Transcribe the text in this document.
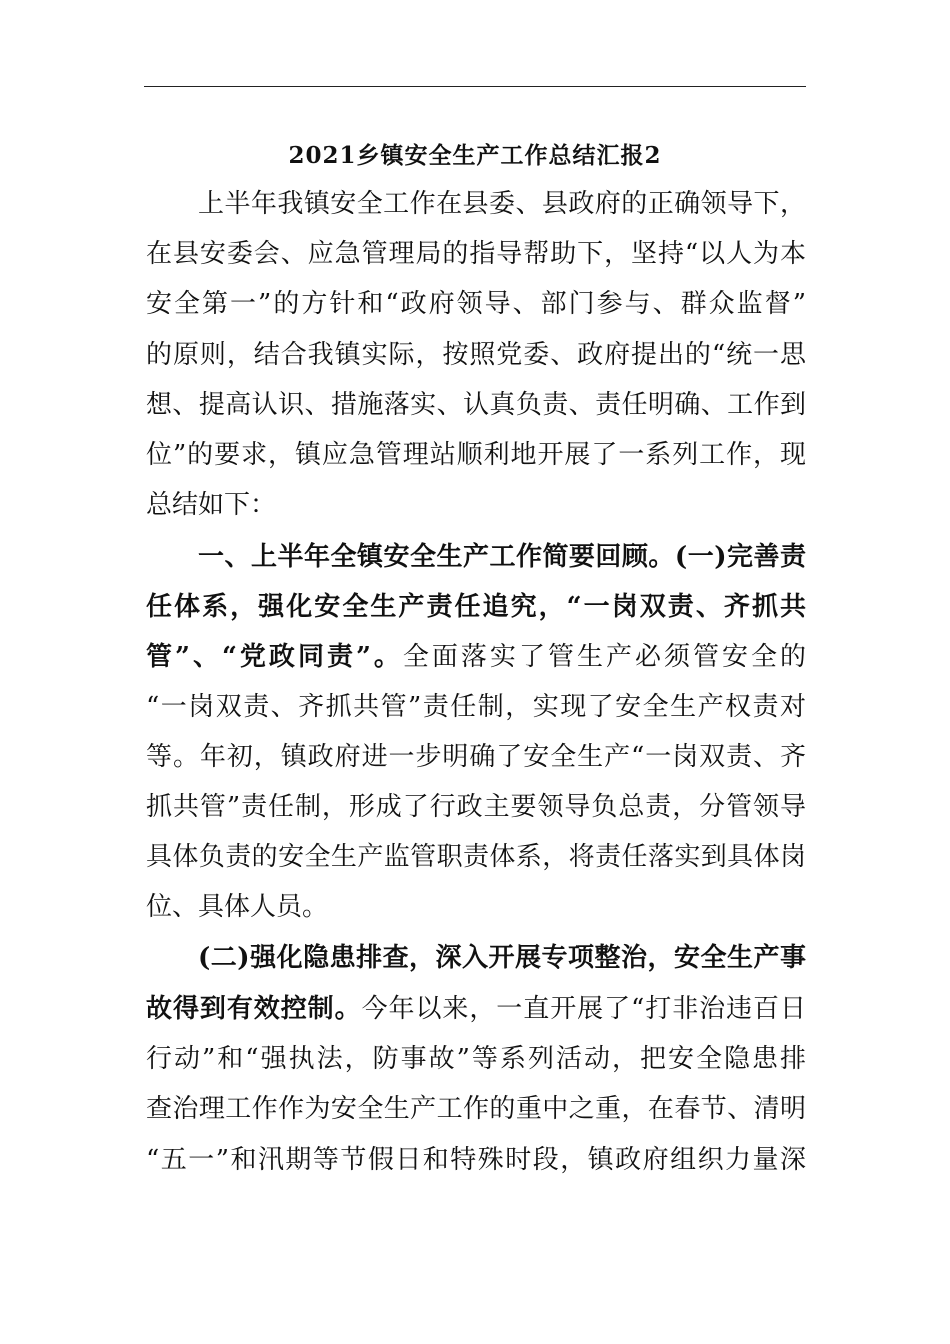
2021乡镇安全生产工作总结汇报2
上半年我镇安全工作在县委、县政府的正确领导下，
在县安委会、应急管理局的指导帮助下，坚持“以人为本
安全第一”的方针和“政府领导、部门参与、群众监督”
的原则，结合我镇实际，按照党委、政府提出的“统一思
想、提高认识、措施落实、认真负责、责任明确、工作到
位”的要求，镇应急管理站顺利地开展了一系列工作，现
总结如下：
一、上半年全镇安全生产工作简要回顾。(一)完善责
任体系，强化安全生产责任追究，“一岗双责、齐抓共
管”、“党政同责”。全面落实了管生产必须管安全的
“一岗双责、齐抓共管”责任制，实现了安全生产权责对
等。年初，镇政府进一步明确了安全生产“一岗双责、齐
抓共管”责任制，形成了行政主要领导负总责，分管领导
具体负责的安全生产监管职责体系，将责任落实到具体岗
位、具体人员。
(二)强化隐患排查，深入开展专项整治，安全生产事
故得到有效控制。今年以来，一直开展了“打非治违百日
行动”和“强执法，防事故”等系列活动，把安全隐患排
查治理工作作为安全生产工作的重中之重，在春节、清明
“五一”和汛期等节假日和特殊时段，镇政府组织力量深
